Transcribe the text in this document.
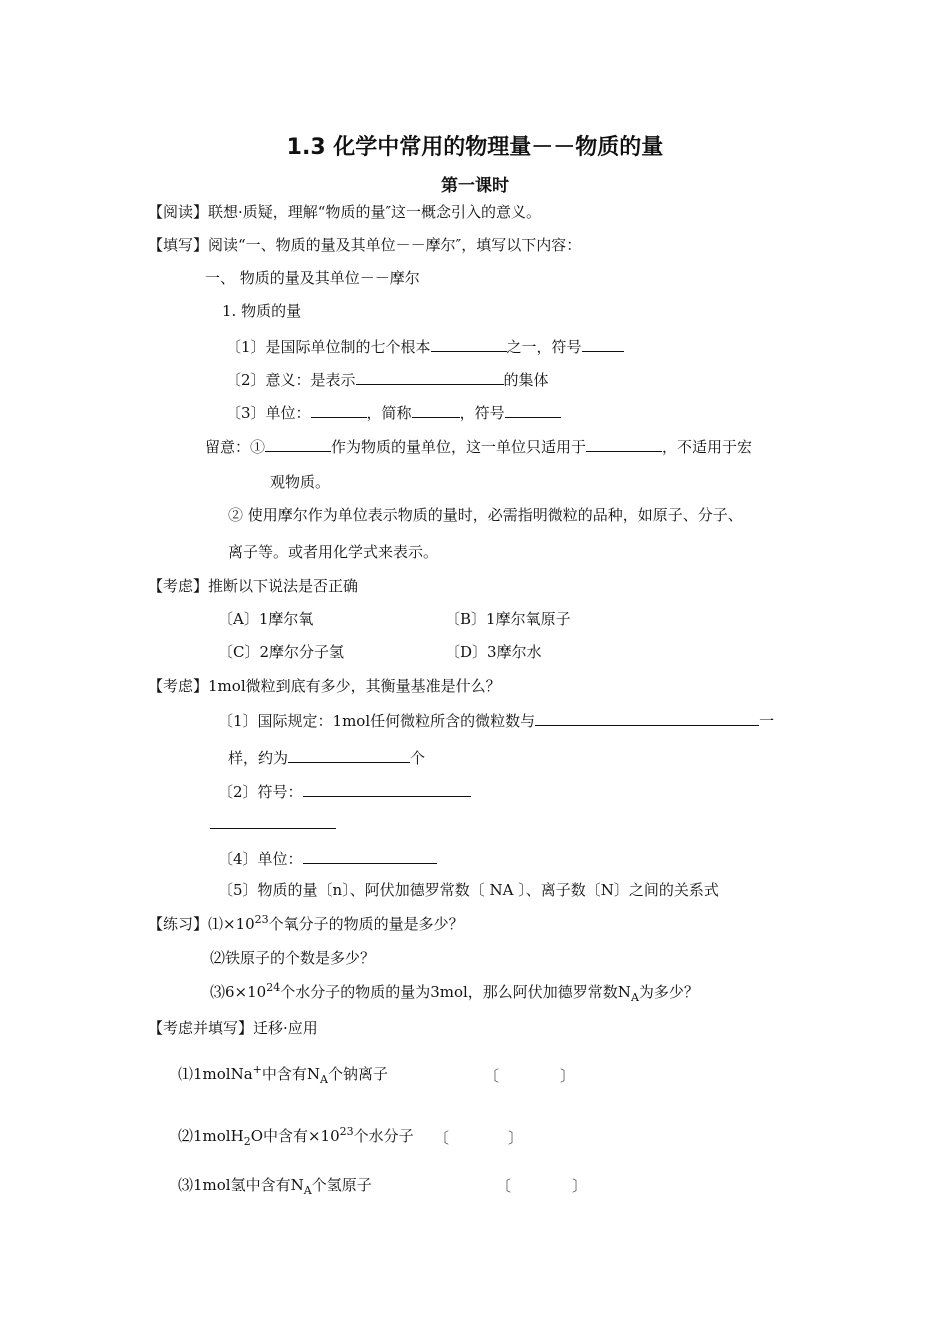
1.3 化学中常用的物理量－－物质的量
第一课时
【阅读】联想·质疑，理解“物质的量″这一概念引入的意义。
【填写】阅读“一、物质的量及其单位－－摩尔″，填写以下内容：
一、 物质的量及其单位－－摩尔
1. 物质的量
〔1〕是国际单位制的七个根本	之一，符号
〔2〕意义：是表示	的集体
〔3〕单位：	，简称	，符号
留意：①	作为物质的量单位，这一单位只适用于	，不适用于宏
观物质。
② 使用摩尔作为单位表示物质的量时，必需指明微粒的品种，如原子、分子、
离子等。或者用化学式来表示。
【考虑】推断以下说法是否正确
〔A〕1摩尔氧	〔B〕1摩尔氧原子
〔C〕2摩尔分子氢	〔D〕3摩尔水
【考虑】1mol微粒到底有多少，其衡量基准是什么？
〔1〕国际规定：1mol任何微粒所含的微粒数与	一
样，约为	个
〔2〕符号：
〔4〕单位：
〔5〕物质的量〔n〕、阿伏加德罗常数〔 NA 〕、离子数〔N〕之间的关系式
【练习】$⑴\times 10^{23}$个氧分子的物质的量是多少？
⑵铁原子的个数是多少？
$⑶6\times 10^{24}$个水分子的物质的量为3mol，那么阿伏加德罗常数$N_A$为多少？
【考虑并填写】迁移·应用
⑴1molNa+中含有$N_A$个钠离子	〔	〕
⑵1molH$_2$O中含有$\times 10^{23}$个水分子 〔	〕
⑶1mol氢中含有$N_A$个氢原子	〔	〕
